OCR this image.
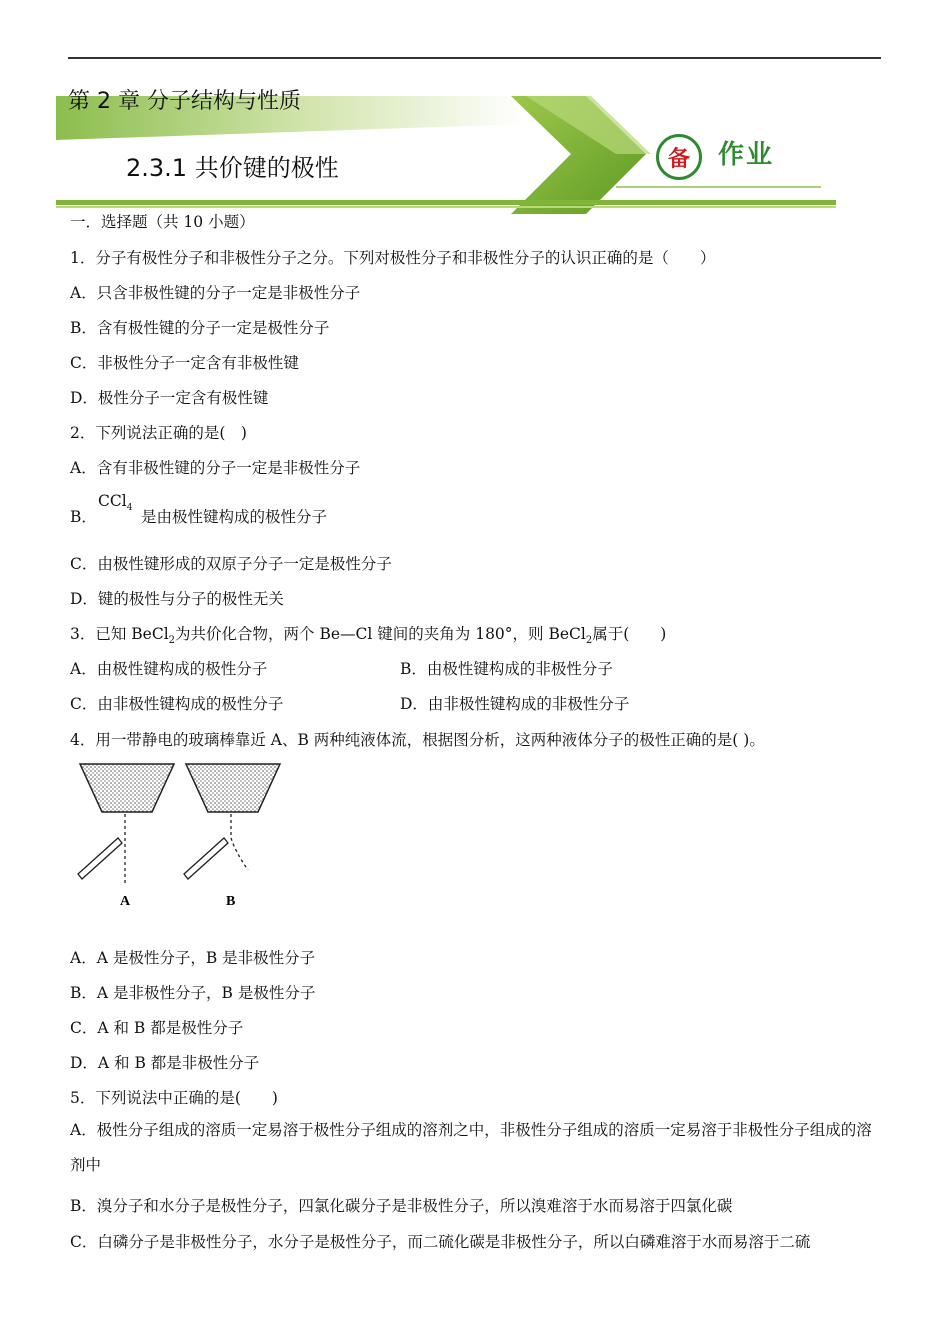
第 2 章 分子结构与性质
2.3.1 共价键的极性	备	作业
一．选择题（共 10 小题）
1．分子有极性分子和非极性分子之分。下列对极性分子和非极性分子的认识正确的是（　　）
A．只含非极性键的分子一定是非极性分子
B．含有极性键的分子一定是极性分子
C．非极性分子一定含有非极性键
D．极性分子一定含有极性键
2．下列说法正确的是(　)
A．含有非极性键的分子一定是非极性分子
B．
CCl$_4$ 是由极性键构成的极性分子
C．由极性键形成的双原子分子一定是极性分子
D．键的极性与分子的极性无关
3．已知 BeCl$_2$为共价化合物，两个 Be—Cl 键间的夹角为 180°，则 BeCl$_2$属于(　　)
A．由极性键构成的极性分子	B．由极性键构成的非极性分子
C．由非极性键构成的极性分子	D．由非极性键构成的非极性分子
4．用一带静电的玻璃棒靠近 A、B 两种纯液体流，根据图分析，这两种液体分子的极性正确的是( )。
A	B
A．A 是极性分子，B 是非极性分子
B．A 是非极性分子，B 是极性分子
C．A 和 B 都是极性分子
D．A 和 B 都是非极性分子
5．下列说法中正确的是(　　)
A．极性分子组成的溶质一定易溶于极性分子组成的溶剂之中，非极性分子组成的溶质一定易溶于非极性分子组成的溶剂中
B．溴分子和水分子是极性分子，四氯化碳分子是非极性分子，所以溴难溶于水而易溶于四氯化碳
C．白磷分子是非极性分子，水分子是极性分子，而二硫化碳是非极性分子，所以白磷难溶于水而易溶于二硫
